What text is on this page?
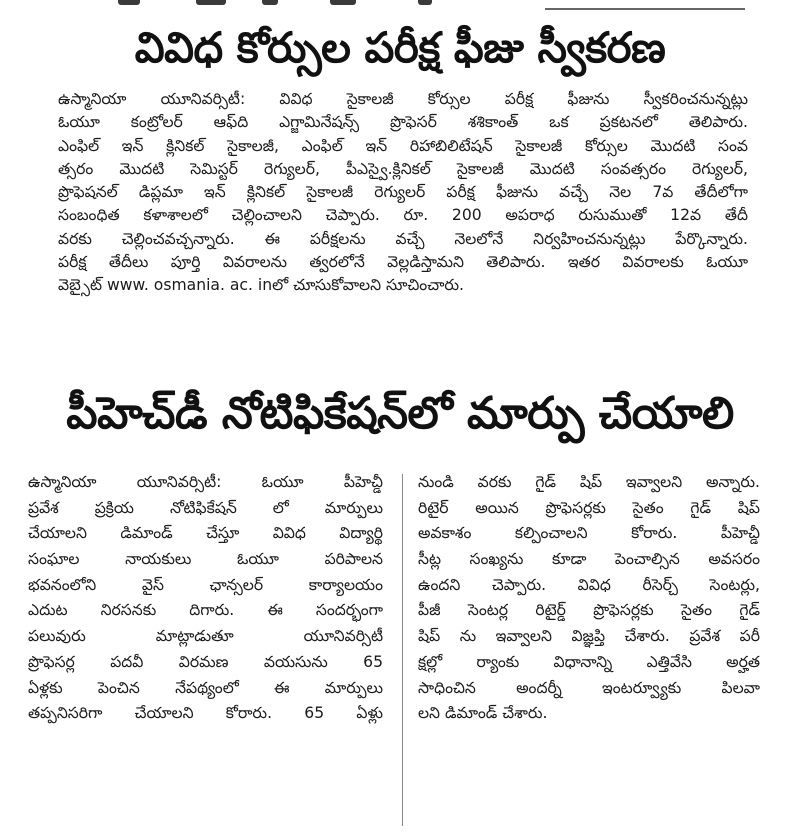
వివిధ కోర్సుల పరీక్ష ఫీజు స్వీకరణ
ఉస్మానియా యూనివర్సిటీ: వివిధ సైకాలజీ కోర్సుల పరీక్ష ఫీజును స్వీకరించనున్నట్లు
ఓయూ కంట్రోలర్ ఆఫ్‌ది ఎగ్జామినేషన్స్ ప్రొఫెసర్ శశికాంత్ ఒక ప్రకటనలో తెలిపారు.
ఎంఫిల్ ఇన్ క్లినికల్ సైకాలజీ, ఎంఫిల్ ఇన్ రిహాబిలిటేషన్ సైకాలజీ కోర్సుల మొదటి సంవ
త్సరం మొదటి సెమిస్టర్ రెగ్యులర్, పీఎస్వై.క్లినికల్ సైకాలజీ మొదటి సంవత్సరం రెగ్యులర్,
ప్రొఫెషనల్ డిప్లమా ఇన్ క్లినికల్ సైకాలజీ రెగ్యులర్ పరీక్ష ఫీజును వచ్చే నెల 7వ తేదీలోగా
సంబంధిత కళాశాలలో చెల్లించాలని చెప్పారు. రూ. 200 అపరాధ రుసుముతో 12వ తేదీ
వరకు చెల్లించవచ్చన్నారు. ఈ పరీక్షలను వచ్చే నెలలోనే నిర్వహించనున్నట్లు పేర్కొన్నారు.
పరీక్ష తేదీలు పూర్తి వివరాలను త్వరలోనే వెల్లడిస్తామని తెలిపారు. ఇతర వివరాలకు ఓయూ
వెబ్సైట్ www. osmania. ac. inలో చూసుకోవాలని సూచించారు.
పీహెచ్‌డీ నోటిఫికేషన్‌లో మార్పు చేయాలి
ఉస్మానియా యూనివర్సిటీ: ఓయూ పీహెచ్డీ
ప్రవేశ ప్రక్రియ నోటిఫికేషన్ లో మార్పులు
చేయాలని డిమాండ్ చేస్తూ వివిధ విద్యార్థి
సంఘాల నాయకులు ఓయూ పరిపాలన
భవనంలోని వైస్ ఛాన్సలర్ కార్యాలయం
ఎదుట నిరసనకు దిగారు. ఈ సందర్భంగా
పలువురు మాట్లాడుతూ యూనివర్సిటీ
ప్రొఫెసర్ల పదవీ విరమణ వయసును 65
ఏళ్లకు పెంచిన నేపథ్యంలో ఈ మార్పులు
తప్పనిసరిగా చేయాలని కోరారు. 65 ఏళ్లు
నుండి వరకు గైడ్ షిప్ ఇవ్వాలని అన్నారు.
రిటైర్ అయిన ప్రొఫెసర్లకు సైతం గైడ్ షిప్
అవకాశం కల్పించాలని కోరారు. పీహెచ్డీ
సీట్ల సంఖ్యను కూడా పెంచాల్సిన అవసరం
ఉందని చెప్పారు. వివిధ రీసెర్చ్ సెంటర్లు,
పీజీ సెంటర్ల రిటైర్డ్ ప్రొఫెసర్లకు సైతం గైడ్
షిప్ ను ఇవ్వాలని విజ్ఞప్తి చేశారు. ప్రవేశ పరీ
క్షల్లో ర్యాంకు విధానాన్ని ఎత్తివేసి అర్హత
సాధించిన అందర్నీ ఇంటర్వ్యూకు పిలవా
లని డిమాండ్ చేశారు.
